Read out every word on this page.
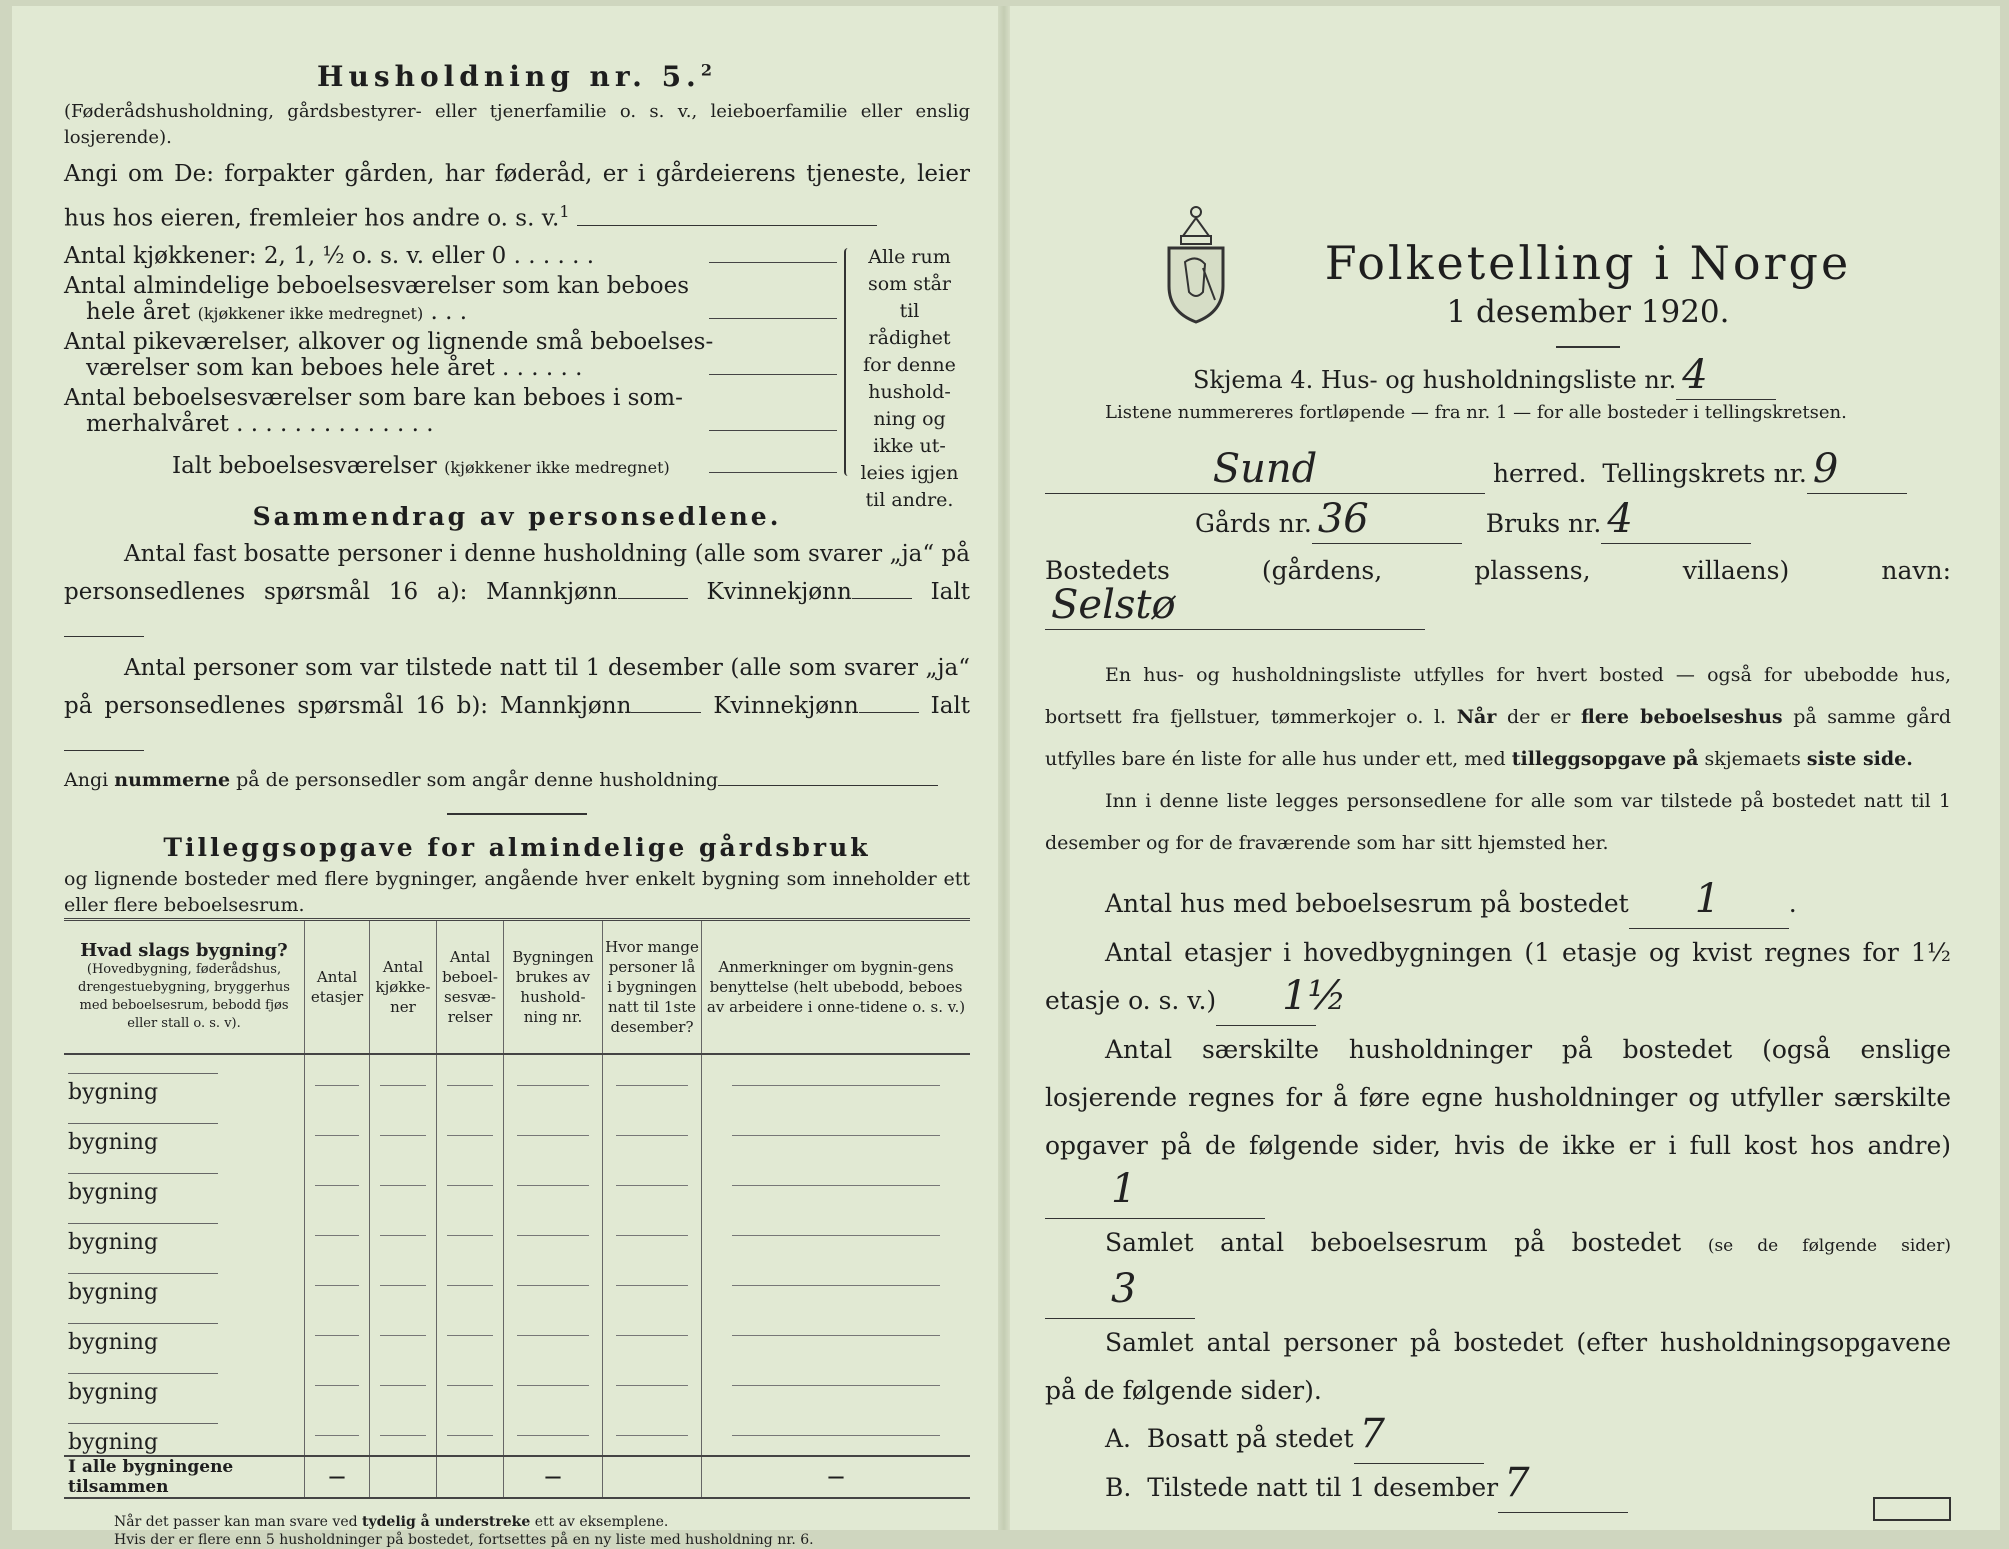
Husholdning nr. 5.$^2$

(Føderådshusholdning, gårdsbestyrer- eller tjenerfamilie o. s. v., leieboerfamilie eller enslig losjerende).
Angi om De: forpakter gården, har føderåd, er i gårdeierens tjeneste, leier hus hos eieren, fremleier hos andre o. s. v.$^1$
Antal kjøkkener: 2, 1, ½ o. s. v. eller 0 . . . . . .
Antal almindelige beboelsesværelser som kan beboes
hele året (kjøkkener ikke medregnet) . . .
Antal pikeværelser, alkover og lignende små beboelses-
værelser som kan beboes hele året . . . . . .
Antal beboelsesværelser som bare kan beboes i som-
merhalvåret . . . . . . . . . . . . . .
Ialt beboelsesværelser (kjøkkener ikke medregnet)
Alle rum som står til rådighet for denne hushold-ning og ikke ut-leies igjen til andre.

Sammendrag av personsedlene.

Antal fast bosatte personer i denne husholdning (alle som svarer „ja“ på personsedlenes spørsmål 16 a): Mannkjønn	Kvinnekjønn	Ialt
Antal personer som var tilstede natt til 1 desember (alle som svarer „ja“ på personsedlenes spørsmål 16 b): Mannkjønn	Kvinnekjønn	Ialt
Angi nummerne på de personsedler som angår denne husholdning

Tilleggsopgave for almindelige gårdsbruk

og lignende bosteder med flere bygninger, angående hver enkelt bygning som inneholder ett eller flere beboelsesrum.
Hvad slags bygning?
(Hovedbygning, føderådshus, drengestuebygning, bryggerhus med beboelsesrum, bebodd fjøs eller stall o. s. v).	Antal etasjer	Antal kjøkke-ner	Antal beboel-sesvæ-relser	Bygningen brukes av hushold-ning nr.	Hvor mange personer lå i bygningen natt til 1ste desember?	Anmerkninger om bygnin-gens benyttelse (helt ubebodd, beboes av arbeidere i onne-tidene o. s. v.)
bygning						
bygning						
bygning						
bygning						
bygning						
bygning						
bygning						
bygning						
I alle bygningene tilsammen	—			—		—
Når det passer kan man svare ved tydelig å understreke ett av eksemplene.
Hvis der er flere enn 5 husholdninger på bostedet, fortsettes på en ny liste med husholdning nr. 6.

Folketelling i Norge

1 desember 1920.

Skjema 4. Hus- og husholdningsliste nr. 4
Listene nummereres fortløpende — fra nr. 1 — for alle bosteder i tellingskretsen.
Sund	herred. Tellingskrets nr. 9
Gårds nr. 36	Bruks nr. 4
Bostedets (gårdens, plassens, villaens) navn:Selstø
En hus- og husholdningsliste utfylles for hvert bosted — også for ubebodde hus, bortsett fra fjellstuer, tømmerkojer o. l. Når der er flere beboelseshus på samme gård utfylles bare én liste for alle hus under ett, med tilleggsopgave på skjemaets siste side.
Inn i denne liste legges personsedlene for alle som var tilstede på bostedet natt til 1 desember og for de fraværende som har sitt hjemsted her.
Antal hus med beboelsesrum på bostedet 1	.
Antal etasjer i hovedbygningen (1 etasje og kvist regnes for 1½ etasje o. s. v.) 1½
Antal særskilte husholdninger på bostedet (også enslige losjerende regnes for å føre egne husholdninger og utfyller særskilte opgaver på de følgende sider, hvis de ikke er i full kost hos andre)1
Samlet antal beboelsesrum på bostedet (se de følgende sider)3
Samlet antal personer på bostedet (efter husholdningsopgavene på de følgende sider).
A. Bosatt på stedet 7
B. Tilstede natt til 1 desember 7
